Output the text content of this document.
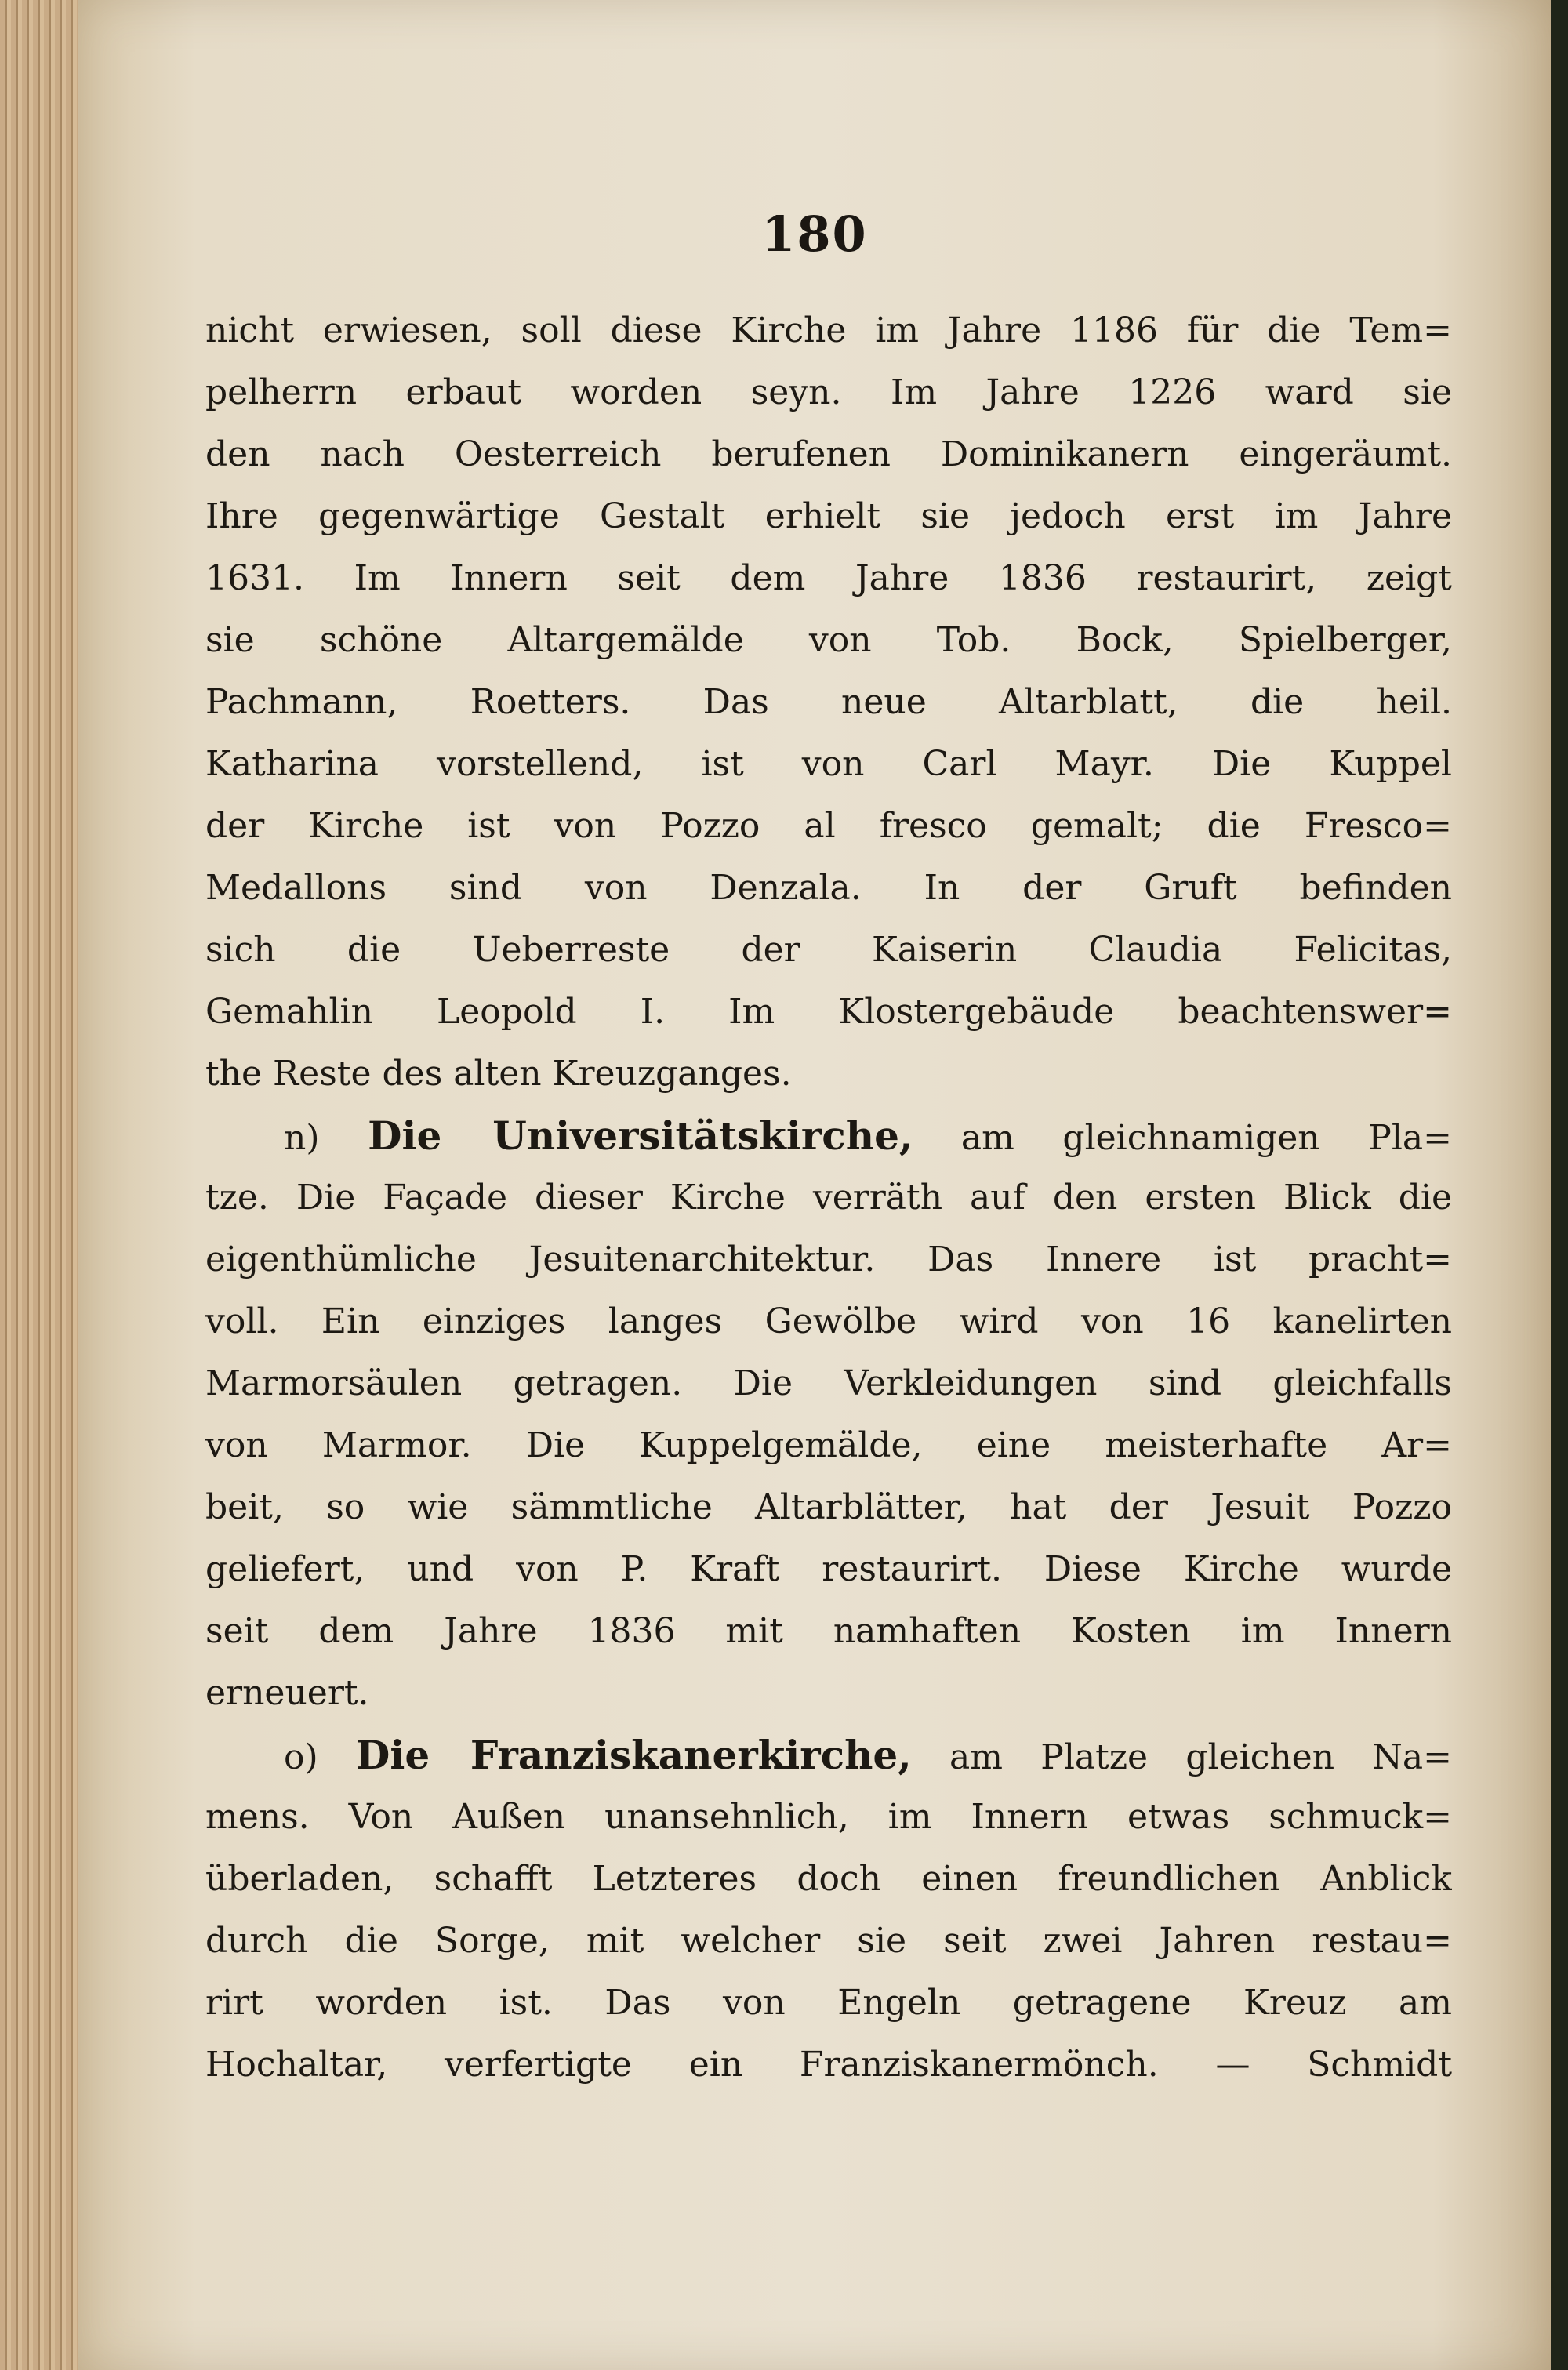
180
nicht erwiesen, soll diese Kirche im Jahre 1186 für die Tem=
pelherrn erbaut worden seyn. Im Jahre 1226 ward sie
den nach Oesterreich berufenen Dominikanern eingeräumt.
Ihre gegenwärtige Gestalt erhielt sie jedoch erst im Jahre
1631. Im Innern seit dem Jahre 1836 restaurirt, zeigt
sie schöne Altargemälde von Tob. Bock, Spielberger,
Pachmann, Roetters. Das neue Altarblatt, die heil.
Katharina vorstellend, ist von Carl Mayr. Die Kuppel
der Kirche ist von Pozzo al fresco gemalt; die Fresco=
Medallons sind von Denzala. In der Gruft befinden
sich die Ueberreste der Kaiserin Claudia Felicitas,
Gemahlin Leopold I. Im Klostergebäude beachtenswer=
the Reste des alten Kreuzganges.
n) Die Universitätskirche, am gleichnamigen Pla=
tze. Die Façade dieser Kirche verräth auf den ersten Blick die
eigenthümliche Jesuitenarchitektur. Das Innere ist pracht=
voll. Ein einziges langes Gewölbe wird von 16 kanelirten
Marmorsäulen getragen. Die Verkleidungen sind gleichfalls
von Marmor. Die Kuppelgemälde, eine meisterhafte Ar=
beit, so wie sämmtliche Altarblätter, hat der Jesuit Pozzo
geliefert, und von P. Kraft restaurirt. Diese Kirche wurde
seit dem Jahre 1836 mit namhaften Kosten im Innern
erneuert.
o) Die Franziskanerkirche, am Platze gleichen Na=
mens. Von Außen unansehnlich, im Innern etwas schmuck=
überladen, schafft Letzteres doch einen freundlichen Anblick
durch die Sorge, mit welcher sie seit zwei Jahren restau=
rirt worden ist. Das von Engeln getragene Kreuz am
Hochaltar, verfertigte ein Franziskanermönch. — Schmidt
